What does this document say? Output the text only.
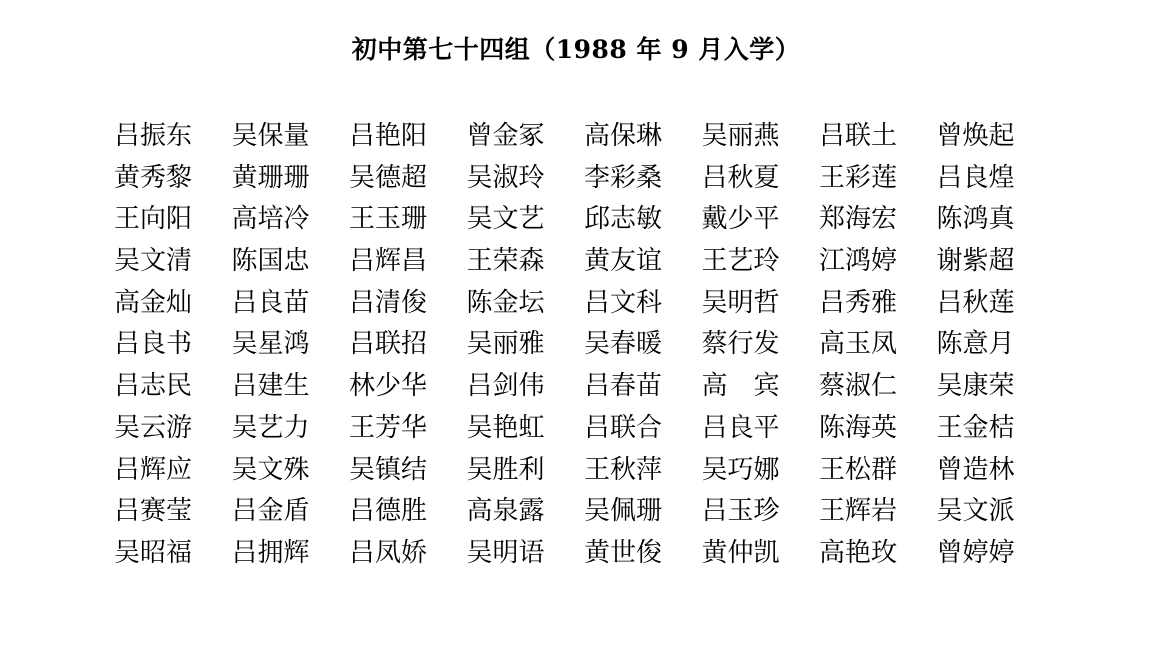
初中第七十四组（1988 年 9 月入学）
吕振东	吴保量	吕艳阳	曾金冢	高保琳	吴丽燕	吕联土	曾焕起
黄秀黎	黄珊珊	吴德超	吴淑玲	李彩桑	吕秋夏	王彩莲	吕良煌
王向阳	高培冷	王玉珊	吴文艺	邱志敏	戴少平	郑海宏	陈鸿真
吴文清	陈国忠	吕辉昌	王荣森	黄友谊	王艺玲	江鸿婷	谢紫超
高金灿	吕良苗	吕清俊	陈金坛	吕文科	吴明哲	吕秀雅	吕秋莲
吕良书	吴星鸿	吕联招	吴丽雅	吴春暖	蔡行发	高玉凤	陈意月
吕志民	吕建生	林少华	吕剑伟	吕春苗	高　宾	蔡淑仁	吴康荣
吴云游	吴艺力	王芳华	吴艳虹	吕联合	吕良平	陈海英	王金桔
吕辉应	吴文殊	吴镇结	吴胜利	王秋萍	吴巧娜	王松群	曾造林
吕赛莹	吕金盾	吕德胜	高泉露	吴佩珊	吕玉珍	王辉岩	吴文派
吴昭福	吕拥辉	吕凤娇	吴明语	黄世俊	黄仲凯	高艳玫	曾婷婷
